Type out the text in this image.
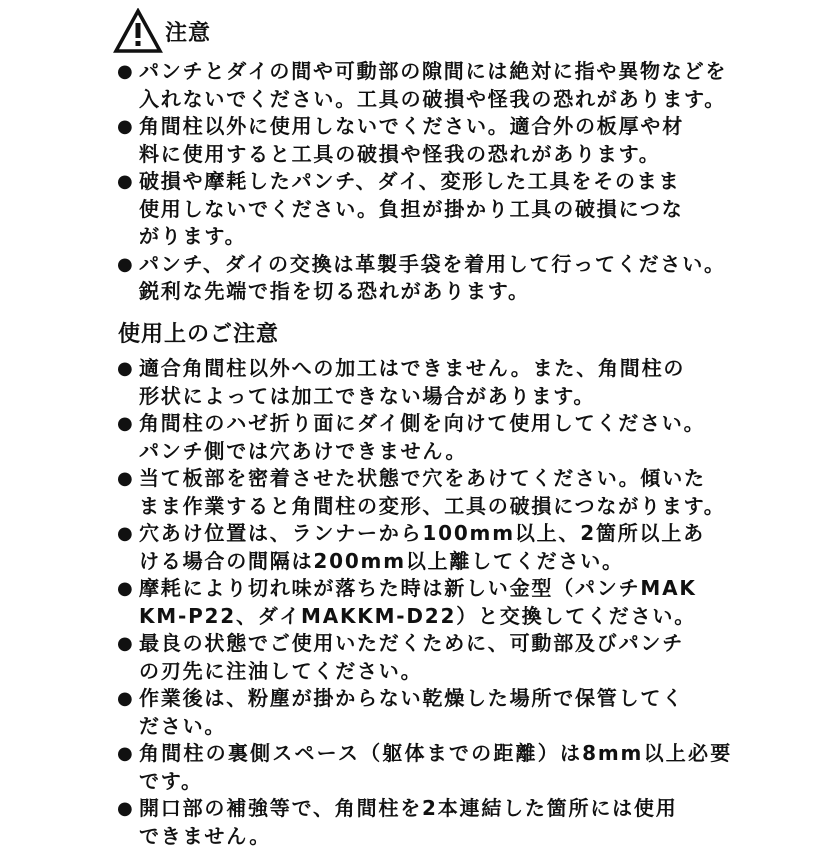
注意
● パンチとダイの間や可動部の隙間には絶対に指や異物などを
入れないでください。工具の破損や怪我の恐れがあります。
● 角間柱以外に使用しないでください。適合外の板厚や材
料に使用すると工具の破損や怪我の恐れがあります。
● 破損や摩耗したパンチ、ダイ、変形した工具をそのまま
使用しないでください。負担が掛かり工具の破損につな
がります。
● パンチ、ダイの交換は革製手袋を着用して行ってください。
鋭利な先端で指を切る恐れがあります。
使用上のご注意
● 適合角間柱以外への加工はできません。また、角間柱の
形状によっては加工できない場合があります。
● 角間柱のハゼ折り面にダイ側を向けて使用してください。
パンチ側では穴あけできません。
● 当て板部を密着させた状態で穴をあけてください。傾いた
まま作業すると角間柱の変形、工具の破損につながります。
● 穴あけ位置は、ランナーから100mm以上、2箇所以上あ
ける場合の間隔は200mm以上離してください。
● 摩耗により切れ味が落ちた時は新しい金型（パンチMAK
KM-P22、ダイMAKKM-D22）と交換してください。
● 最良の状態でご使用いただくために、可動部及びパンチ
の刃先に注油してください。
● 作業後は、粉塵が掛からない乾燥した場所で保管してく
ださい。
● 角間柱の裏側スペース（躯体までの距離）は8mm以上必要です。
● 開口部の補強等で、角間柱を2本連結した箇所には使用
できません。
